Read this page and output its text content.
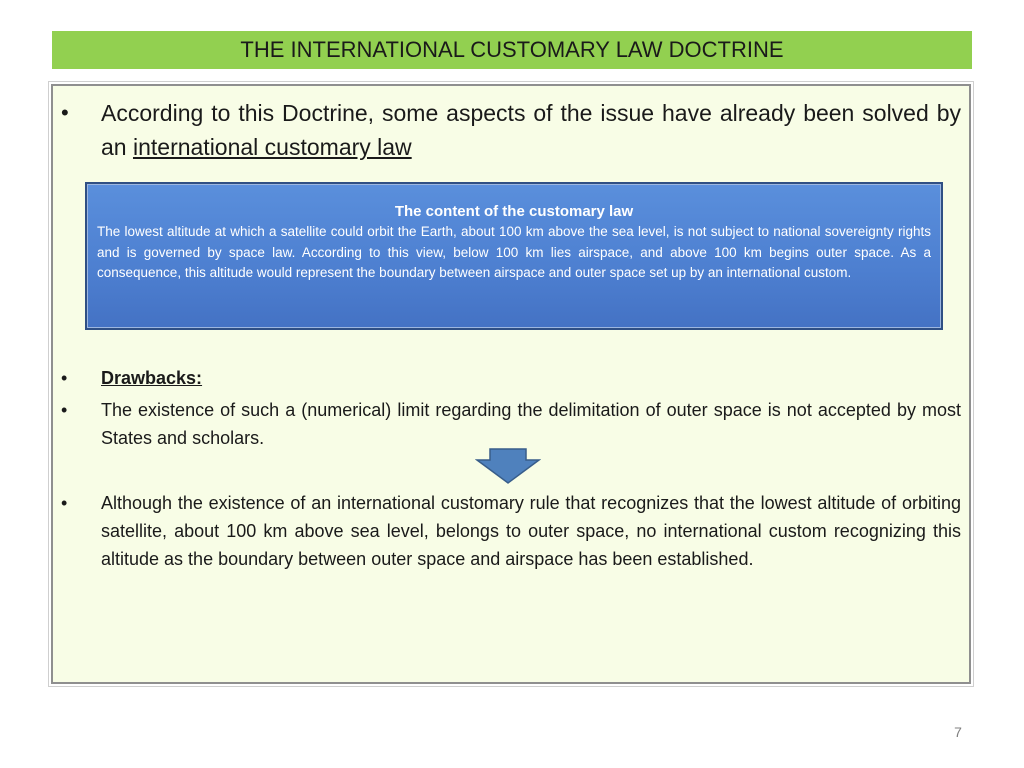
THE INTERNATIONAL CUSTOMARY LAW DOCTRINE
• According to this Doctrine, some aspects of the issue have already been solved by an international customary law
The content of the customary law
The lowest altitude at which a satellite could orbit the Earth, about 100 km above the sea level, is not subject to national sovereignty rights and is governed by space law. According to this view, below 100 km lies airspace, and above 100 km begins outer space. As a consequence, this altitude would represent the boundary between airspace and outer space set up by an international custom.
• Drawbacks:
• The existence of such a (numerical) limit regarding the delimitation of outer space is not accepted by most States and scholars.
• Although the existence of an international customary rule that recognizes that the lowest altitude of orbiting satellite, about 100 km above sea level, belongs to outer space, no international custom recognizing this altitude as the boundary between outer space and airspace has been established.
7
